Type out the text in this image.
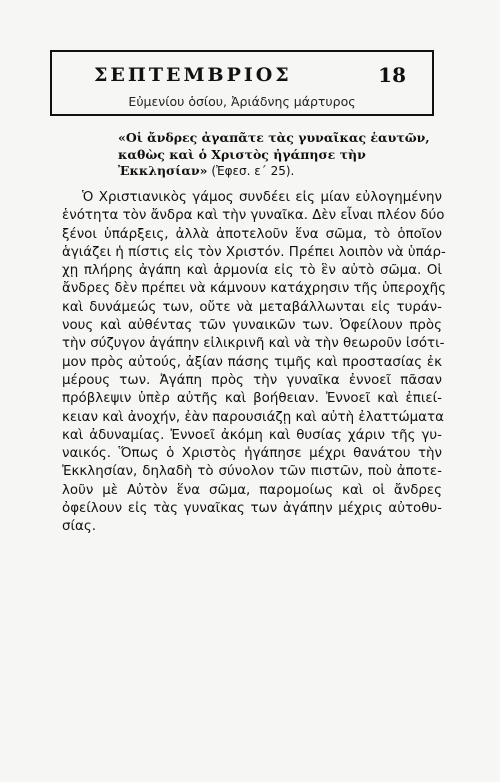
ΣΕΠΤΕΜΒΡΙΟΣ	18
Εὐμενίου ὁσίου, Ἀριάδνης μάρτυρος
«Οἱ ἄνδρες ἀγαπᾶτε τὰς γυναῖκας ἑαυτῶν, καθὼς καὶ ὁ Χριστὸς ἠγάπησε τὴν Ἐκκλησίαν» (Ἐφεσ. ε΄ 25).
Ὁ Χριστιανικὸς γάμος συνδέει εἰς μίαν εὐλογημένην
ἑνότητα τὸν ἄνδρα καὶ τὴν γυναῖκα. Δὲν εἶναι πλέον δύο
ξένοι ὑπάρξεις, ἀλλὰ ἀποτελοῦν ἕνα σῶμα, τὸ ὁποῖον
ἁγιάζει ἡ πίστις εἰς τὸν Χριστόν. Πρέπει λοιπὸν νὰ ὑπάρ-
χῃ πλήρης ἀγάπη καὶ ἁρμονία εἰς τὸ ἓν αὐτὸ σῶμα. Οἱ
ἄνδρες δὲν πρέπει νὰ κάμνουν κατάχρησιν τῆς ὑπεροχῆς
καὶ δυνάμεώς των, οὔτε νὰ μεταβάλλωνται εἰς τυράν-
νους καὶ αὐθέντας τῶν γυναικῶν των. Ὀφείλουν πρὸς
τὴν σύζυγον ἀγάπην εἰλικρινῆ καὶ νὰ τὴν θεωροῦν ἰσότι-
μον πρὸς αὐτούς, ἀξίαν πάσης τιμῆς καὶ προστασίας ἐκ
μέρους των. Ἀγάπη πρὸς τὴν γυναῖκα ἐννοεῖ πᾶσαν
πρόβλεψιν ὑπὲρ αὐτῆς καὶ βοήθειαν. Ἐννοεῖ καὶ ἐπιεί-
κειαν καὶ ἀνοχήν, ἐὰν παρουσιάζῃ καὶ αὐτὴ ἐλαττώματα
καὶ ἀδυναμίας. Ἐννοεῖ ἀκόμη καὶ θυσίας χάριν τῆς γυ-
ναικός. Ὅπως ὁ Χριστὸς ἠγάπησε μέχρι θανάτου τὴν
Ἐκκλησίαν, δηλαδὴ τὸ σύνολον τῶν πιστῶν, ποὺ ἀποτε-
λοῦν μὲ Αὐτὸν ἕνα σῶμα, παρομοίως καὶ οἱ ἄνδρες
ὀφείλουν εἰς τὰς γυναῖκας των ἀγάπην μέχρις αὐτοθυ-
σίας.
